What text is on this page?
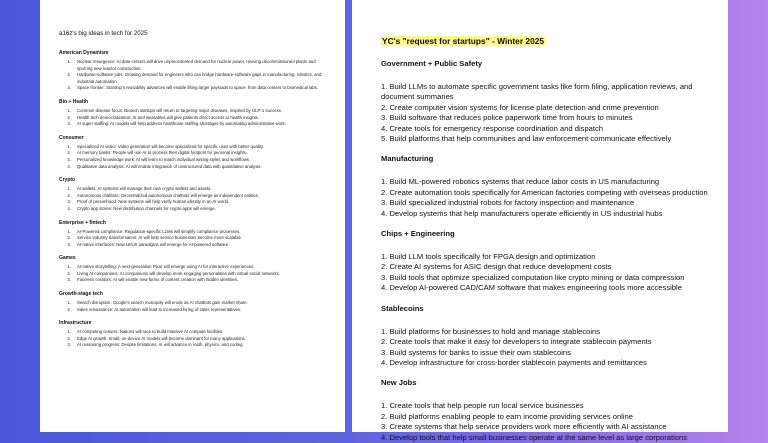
a16z's big ideas in tech for 2025
American Dynamism
1.	Nuclear resurgence: AI data centers will drive unprecedented demand for nuclear power, reviving decommissioned plants and spurring new reactor construction.
2.	Hardware-software jobs: Growing demand for engineers who can bridge hardware-software gaps in manufacturing, robotics, and industrial automation.
3.	Space frontier: Starship's reusability advances will enable lifting larger payloads to space, from data centers to biomedical labs.
Bio + Health
1.	Common disease focus: Biotech startups will return to targeting major diseases, inspired by GLP-1 success.
2.	Health tech democratization: AI and wearables will give patients direct access to health insights.
3.	AI super staffing: AI models will help address healthcare staffing shortages by automating administrative work.
Consumer
1.	Specialized AI video: Video generation will become specialized for specific uses with better quality.
2.	AI memory banks: People will use AI to process their digital footprint for personal insights.
3.	Personalized knowledge work: AI will learn to match individual writing styles and workflows.
4.	Qualitative data analysis: AI will enable integration of unstructured data with quantitative analysis.
Crypto
1.	AI wallets: AI systems will manage their own crypto wallets and assets.
2.	Autonomous chatbots: Decentralized autonomous chatbots will emerge as independent entities.
3.	Proof of personhood: New systems will help verify human identity in an AI world.
4.	Crypto app stores: New distribution channels for crypto apps will emerge.
Enterprise + fintech
1.	AI-Powered compliance: Regulation-specific LLMs will simplify compliance processes.
2.	Service industry transformation: AI will help service businesses become more scalable.
3.	AI-native interfaces: New UI/UX paradigms will emerge for AI-powered software.
Games
1.	AI-native storytelling: A next-generation Pixar will emerge using AI for interactive experiences.
2.	Living AI companions: AI companions will develop more engaging personalities with virtual social networks.
3.	Faceless creators: AI will enable new forms of content creation with hidden identities.
Growth-stage tech
1.	Search disruption: Google's search monopoly will erode as AI chatbots gain market share.
2.	Sales renaissance: AI automation will lead to increased hiring of sales representatives.
Infrastructure
1.	AI computing centers: Nations will race to build massive AI compute facilities.
2.	Edge AI growth: Small, on-device AI models will become dominant for many applications.
3.	AI reasoning progress: Despite limitations, AI will advance in math, physics, and coding.
YC's "request for startups" - Winter 2025
Government + Public Safety
1. Build LLMs to automate specific government tasks like form filing, application reviews, and document summaries
2. Create computer vision systems for license plate detection and crime prevention
3. Build software that reduces police paperwork time from hours to minutes
4. Create tools for emergency response coordination and dispatch
5. Build platforms that help communities and law enforcement communicate effectively
Manufacturing
1. Build ML-powered robotics systems that reduce labor costs in US manufacturing
2. Create automation tools specifically for American factories competing with overseas production
3. Build specialized industrial robots for factory inspection and maintenance
4. Develop systems that help manufacturers operate efficiently in US industrial hubs
Chips + Engineering
1. Build LLM tools specifically for FPGA design and optimization
2. Create AI systems for ASIC design that reduce development costs
3. Build tools that optimize specialized computation like crypto mining or data compression
4. Develop AI-powered CAD/CAM software that makes engineering tools more accessible
Stablecoins
1. Build platforms for businesses to hold and manage stablecoins
2. Create tools that make it easy for developers to integrate stablecoin payments
3. Build systems for banks to issue their own stablecoins
4. Develop infrastructure for cross-border stablecoin payments and remittances
New Jobs
1. Create tools that help people run local service businesses
2. Build platforms enabling people to earn income providing services online
3. Create systems that help service providers work more efficiently with AI assistance
4. Develop tools that help small businesses operate at the same level as large corporations
